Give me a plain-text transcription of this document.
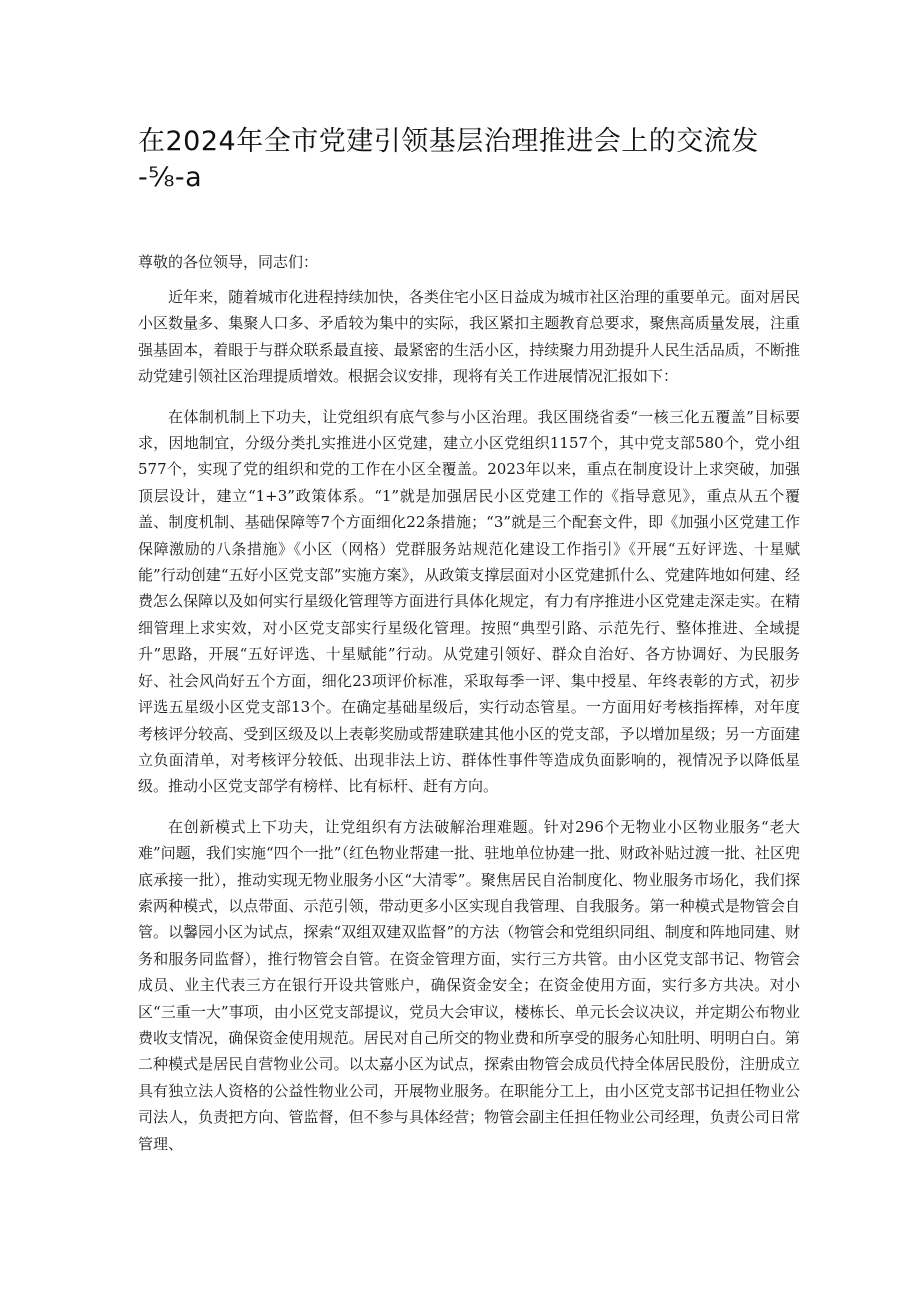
在2024年全市党建引领基层治理推进会上的交流发
-⅝-a

尊敬的各位领导，同志们：

近年来，随着城市化进程持续加快，各类住宅小区日益成为城市社区治理的重要单元。面对居民小区数量多、集聚人口多、矛盾较为集中的实际，我区紧扣主题教育总要求，聚焦高质量发展，注重强基固本，着眼于与群众联系最直接、最紧密的生活小区，持续聚力用劲提升人民生活品质，不断推动党建引领社区治理提质增效。根据会议安排，现将有关工作进展情况汇报如下：

在体制机制上下功夫，让党组织有底气参与小区治理。我区围绕省委“一核三化五覆盖”目标要求，因地制宜，分级分类扎实推进小区党建，建立小区党组织1157个，其中党支部580个，党小组577个，实现了党的组织和党的工作在小区全覆盖。2023年以来，重点在制度设计上求突破，加强顶层设计，建立“1+3”政策体系。“1”就是加强居民小区党建工作的《指导意见》，重点从五个覆盖、制度机制、基础保障等7个方面细化22条措施；“3”就是三个配套文件，即《加强小区党建工作保障激励的八条措施》《小区（网格）党群服务站规范化建设工作指引》《开展“五好评选、十星赋能”行动创建“五好小区党支部”实施方案》，从政策支撑层面对小区党建抓什么、党建阵地如何建、经费怎么保障以及如何实行星级化管理等方面进行具体化规定，有力有序推进小区党建走深走实。在精细管理上求实效，对小区党支部实行星级化管理。按照“典型引路、示范先行、整体推进、全域提升”思路，开展“五好评选、十星赋能”行动。从党建引领好、群众自治好、各方协调好、为民服务好、社会风尚好五个方面，细化23项评价标准，采取每季一评、集中授星、年终表彰的方式，初步评选五星级小区党支部13个。在确定基础星级后，实行动态管星。一方面用好考核指挥棒，对年度考核评分较高、受到区级及以上表彰奖励或帮建联建其他小区的党支部，予以增加星级；另一方面建立负面清单，对考核评分较低、出现非法上访、群体性事件等造成负面影响的，视情况予以降低星级。推动小区党支部学有榜样、比有标杆、赶有方向。

在创新模式上下功夫，让党组织有方法破解治理难题。针对296个无物业小区物业服务“老大难”问题，我们实施“四个一批”（红色物业帮建一批、驻地单位协建一批、财政补贴过渡一批、社区兜底承接一批），推动实现无物业服务小区“大清零”。聚焦居民自治制度化、物业服务市场化，我们探索两种模式，以点带面、示范引领，带动更多小区实现自我管理、自我服务。第一种模式是物管会自管。以馨园小区为试点，探索“双组双建双监督”的方法（物管会和党组织同组、制度和阵地同建、财务和服务同监督），推行物管会自管。在资金管理方面，实行三方共管。由小区党支部书记、物管会成员、业主代表三方在银行开设共管账户，确保资金安全；在资金使用方面，实行多方共决。对小区“三重一大”事项，由小区党支部提议，党员大会审议，楼栋长、单元长会议决议，并定期公布物业费收支情况，确保资金使用规范。居民对自己所交的物业费和所享受的服务心知肚明、明明白白。第二种模式是居民自营物业公司。以太嘉小区为试点，探索由物管会成员代持全体居民股份，注册成立具有独立法人资格的公益性物业公司，开展物业服务。在职能分工上，由小区党支部书记担任物业公司法人，负责把方向、管监督，但不参与具体经营；物管会副主任担任物业公司经理，负责公司日常管理、
